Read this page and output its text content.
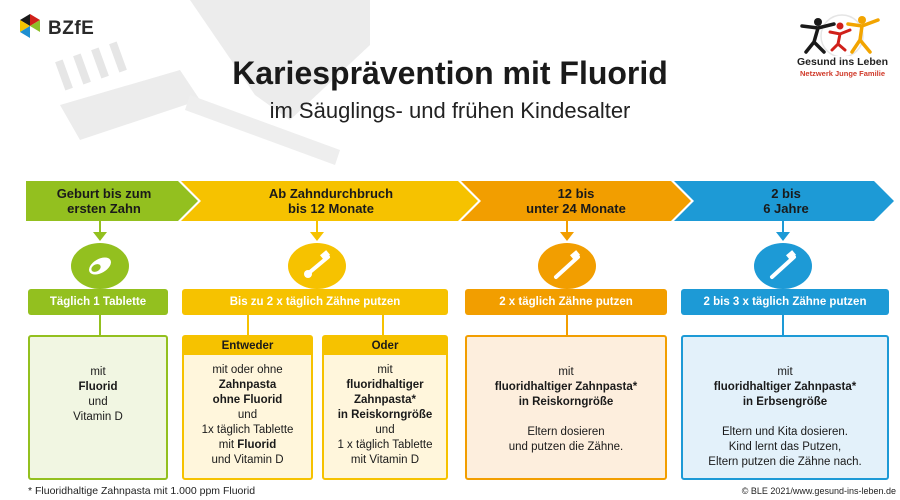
BZfE
Gesund ins Leben
Netzwerk Junge Familie
Kariesprävention mit Fluorid
im Säuglings- und frühen Kindesalter
Geburt bis zum
ersten Zahn
Ab Zahndurchbruch
bis 12 Monate
12 bis
unter 24 Monate
2 bis
6 Jahre
Täglich 1 Tablette	Bis zu 2 x täglich Zähne putzen	2 x täglich Zähne putzen	2 bis 3 x täglich Zähne putzen
mit
Fluorid
und
Vitamin D
Entweder
mit oder ohne
Zahnpasta
ohne Fluorid
und
1x täglich Tablette
mit Fluorid
und Vitamin D
Oder
mit
fluoridhaltiger
Zahnpasta*
in Reiskorngröße
und
1 x täglich Tablette
mit Vitamin D
mit
fluoridhaltiger Zahnpasta*
in Reiskorngröße
Eltern dosieren
und putzen die Zähne.
mit
fluoridhaltiger Zahnpasta*
in Erbsengröße
Eltern und Kita dosieren.
Kind lernt das Putzen,
Eltern putzen die Zähne nach.
* Fluoridhaltige Zahnpasta mit 1.000 ppm Fluorid	© BLE 2021/www.gesund-ins-leben.de
